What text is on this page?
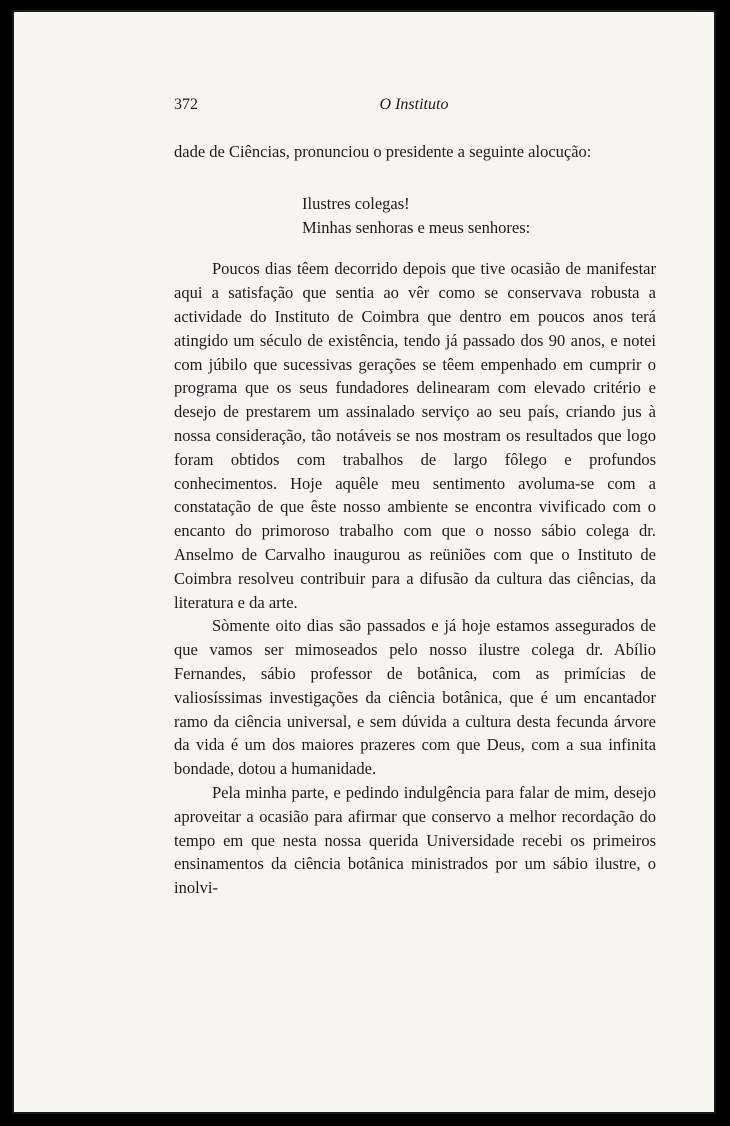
372	O Instituto

dade de Ciências, pronunciou o presidente a seguinte alocução:

Ilustres colegas!
Minhas senhoras e meus senhores:

Poucos dias têem decorrido depois que tive ocasião de manifestar aqui a satisfação que sentia ao vêr como se conservava robusta a actividade do Instituto de Coimbra que dentro em poucos anos terá atingido um século de existência, tendo já passado dos 90 anos, e notei com júbilo que sucessivas gerações se têem empenhado em cumprir o programa que os seus fundadores delinearam com elevado critério e desejo de prestarem um assinalado serviço ao seu país, criando jus à nossa consideração, tão notáveis se nos mostram os resultados que logo foram obtidos com trabalhos de largo fôlego e profundos conhecimentos. Hoje aquêle meu sentimento avoluma-se com a constatação de que êste nosso ambiente se encontra vivificado com o encanto do primoroso trabalho com que o nosso sábio colega dr. Anselmo de Carvalho inaugurou as reüniões com que o Instituto de Coimbra resolveu contribuir para a difusão da cultura das ciências, da literatura e da arte.

Sòmente oito dias são passados e já hoje estamos assegurados de que vamos ser mimoseados pelo nosso ilustre colega dr. Abílio Fernandes, sábio professor de botânica, com as primícias de valiosíssimas investigações da ciência botânica, que é um encantador ramo da ciência universal, e sem dúvida a cultura desta fecunda árvore da vida é um dos maiores prazeres com que Deus, com a sua infinita bondade, dotou a humanidade.

Pela minha parte, e pedindo indulgência para falar de mim, desejo aproveitar a ocasião para afirmar que conservo a melhor recordação do tempo em que nesta nossa querida Universidade recebi os primeiros ensinamentos da ciência botânica ministrados por um sábio ilustre, o inolvi-
